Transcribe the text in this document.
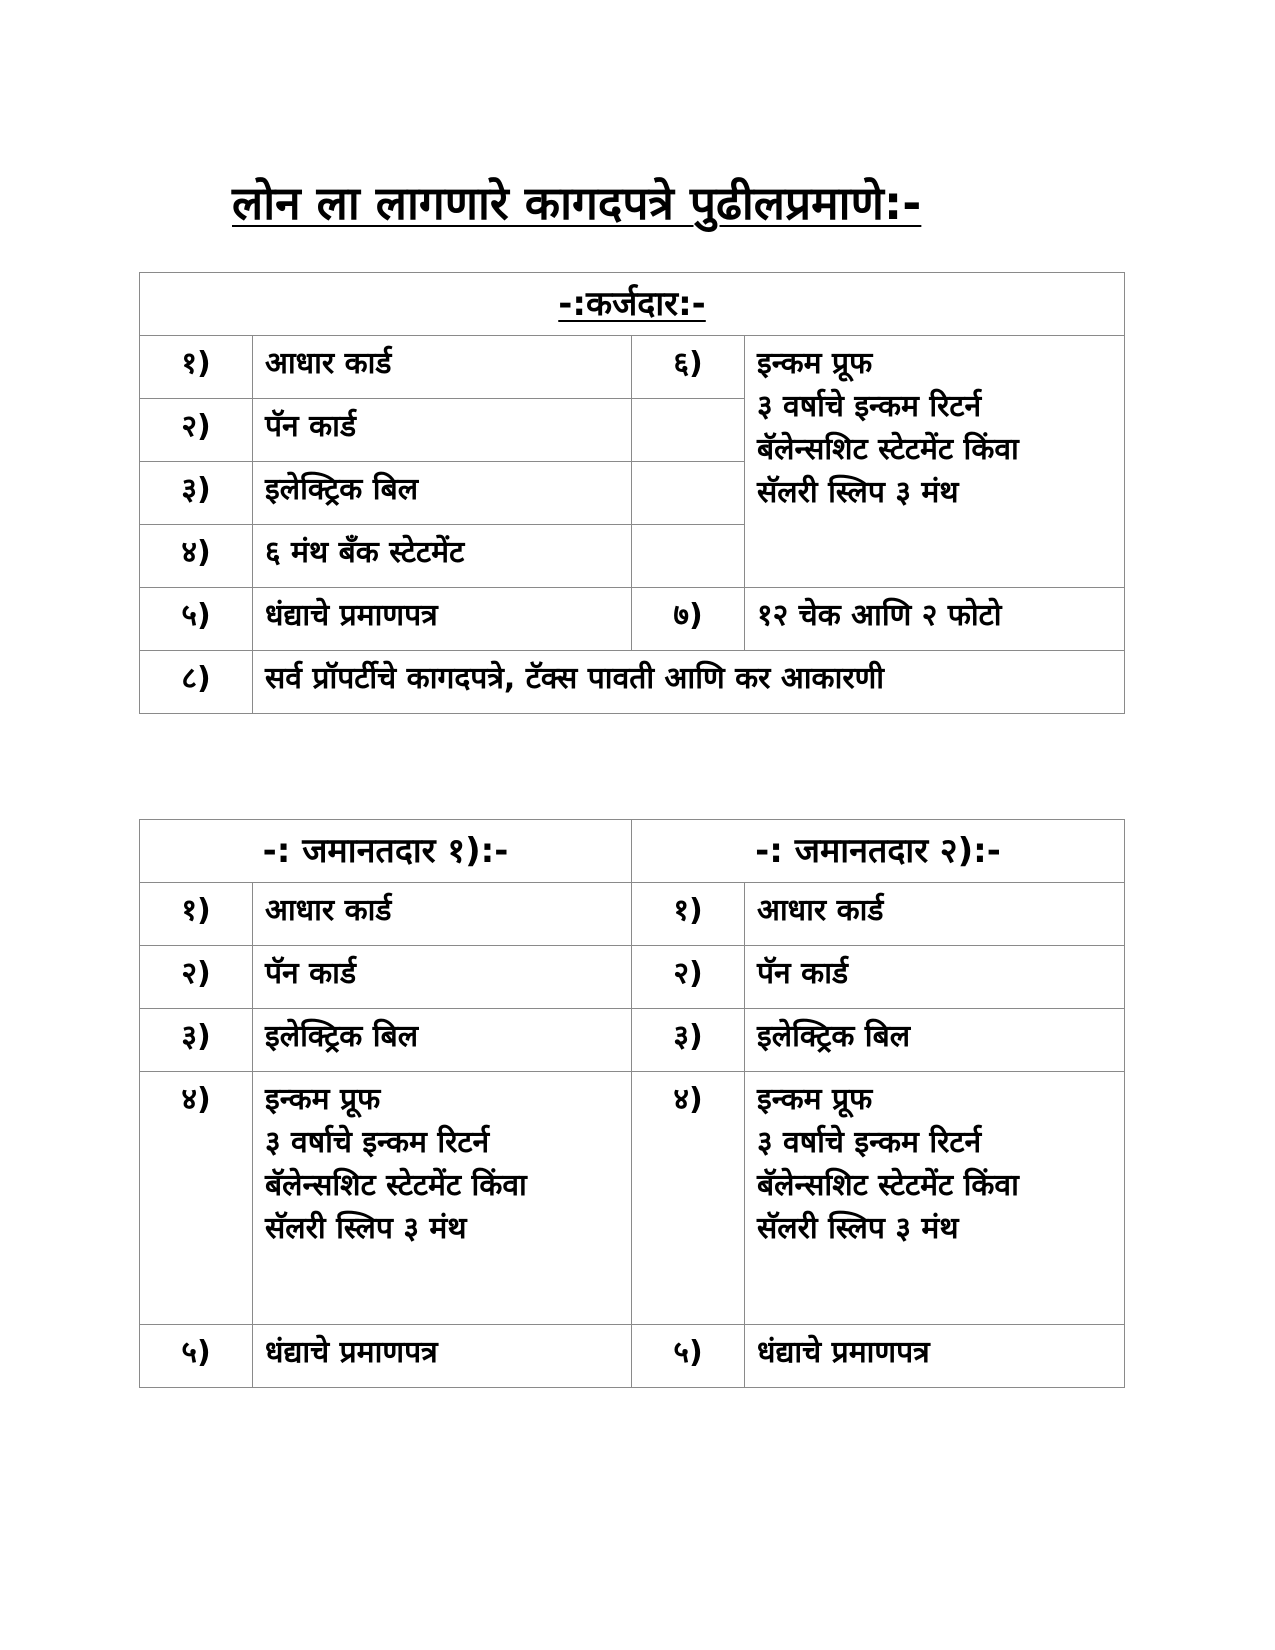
लोन ला लागणारे कागदपत्रे पुढीलप्रमाणे:-
-:कर्जदार:-			
१)	आधार कार्ड	६)	इन्कम प्रूफ
३ वर्षाचे इन्कम रिटर्न
बॅलेन्सशिट स्टेटमेंट किंवा
सॅलरी स्लिप ३ मंथ

२)	पॅन कार्ड		
३)	इलेक्ट्रिक बिल		
४)	६ मंथ बँक स्टेटमेंट		
५)	धंद्याचे प्रमाणपत्र	७)	१२ चेक आणि २ फोटो
८)	सर्व प्रॉपर्टीचे कागदपत्रे, टॅक्स पावती आणि कर आकारणी		
-: जमानतदार १):-		-: जमानतदार २):-	
१)	आधार कार्ड	१)	आधार कार्ड
२)	पॅन कार्ड	२)	पॅन कार्ड
३)	इलेक्ट्रिक बिल	३)	इलेक्ट्रिक बिल
४)	इन्कम प्रूफ
३ वर्षाचे इन्कम रिटर्न
बॅलेन्सशिट स्टेटमेंट किंवा
सॅलरी स्लिप ३ मंथ	४)	इन्कम प्रूफ
३ वर्षाचे इन्कम रिटर्न
बॅलेन्सशिट स्टेटमेंट किंवा
सॅलरी स्लिप ३ मंथ

५)	धंद्याचे प्रमाणपत्र	५)	धंद्याचे प्रमाणपत्र
